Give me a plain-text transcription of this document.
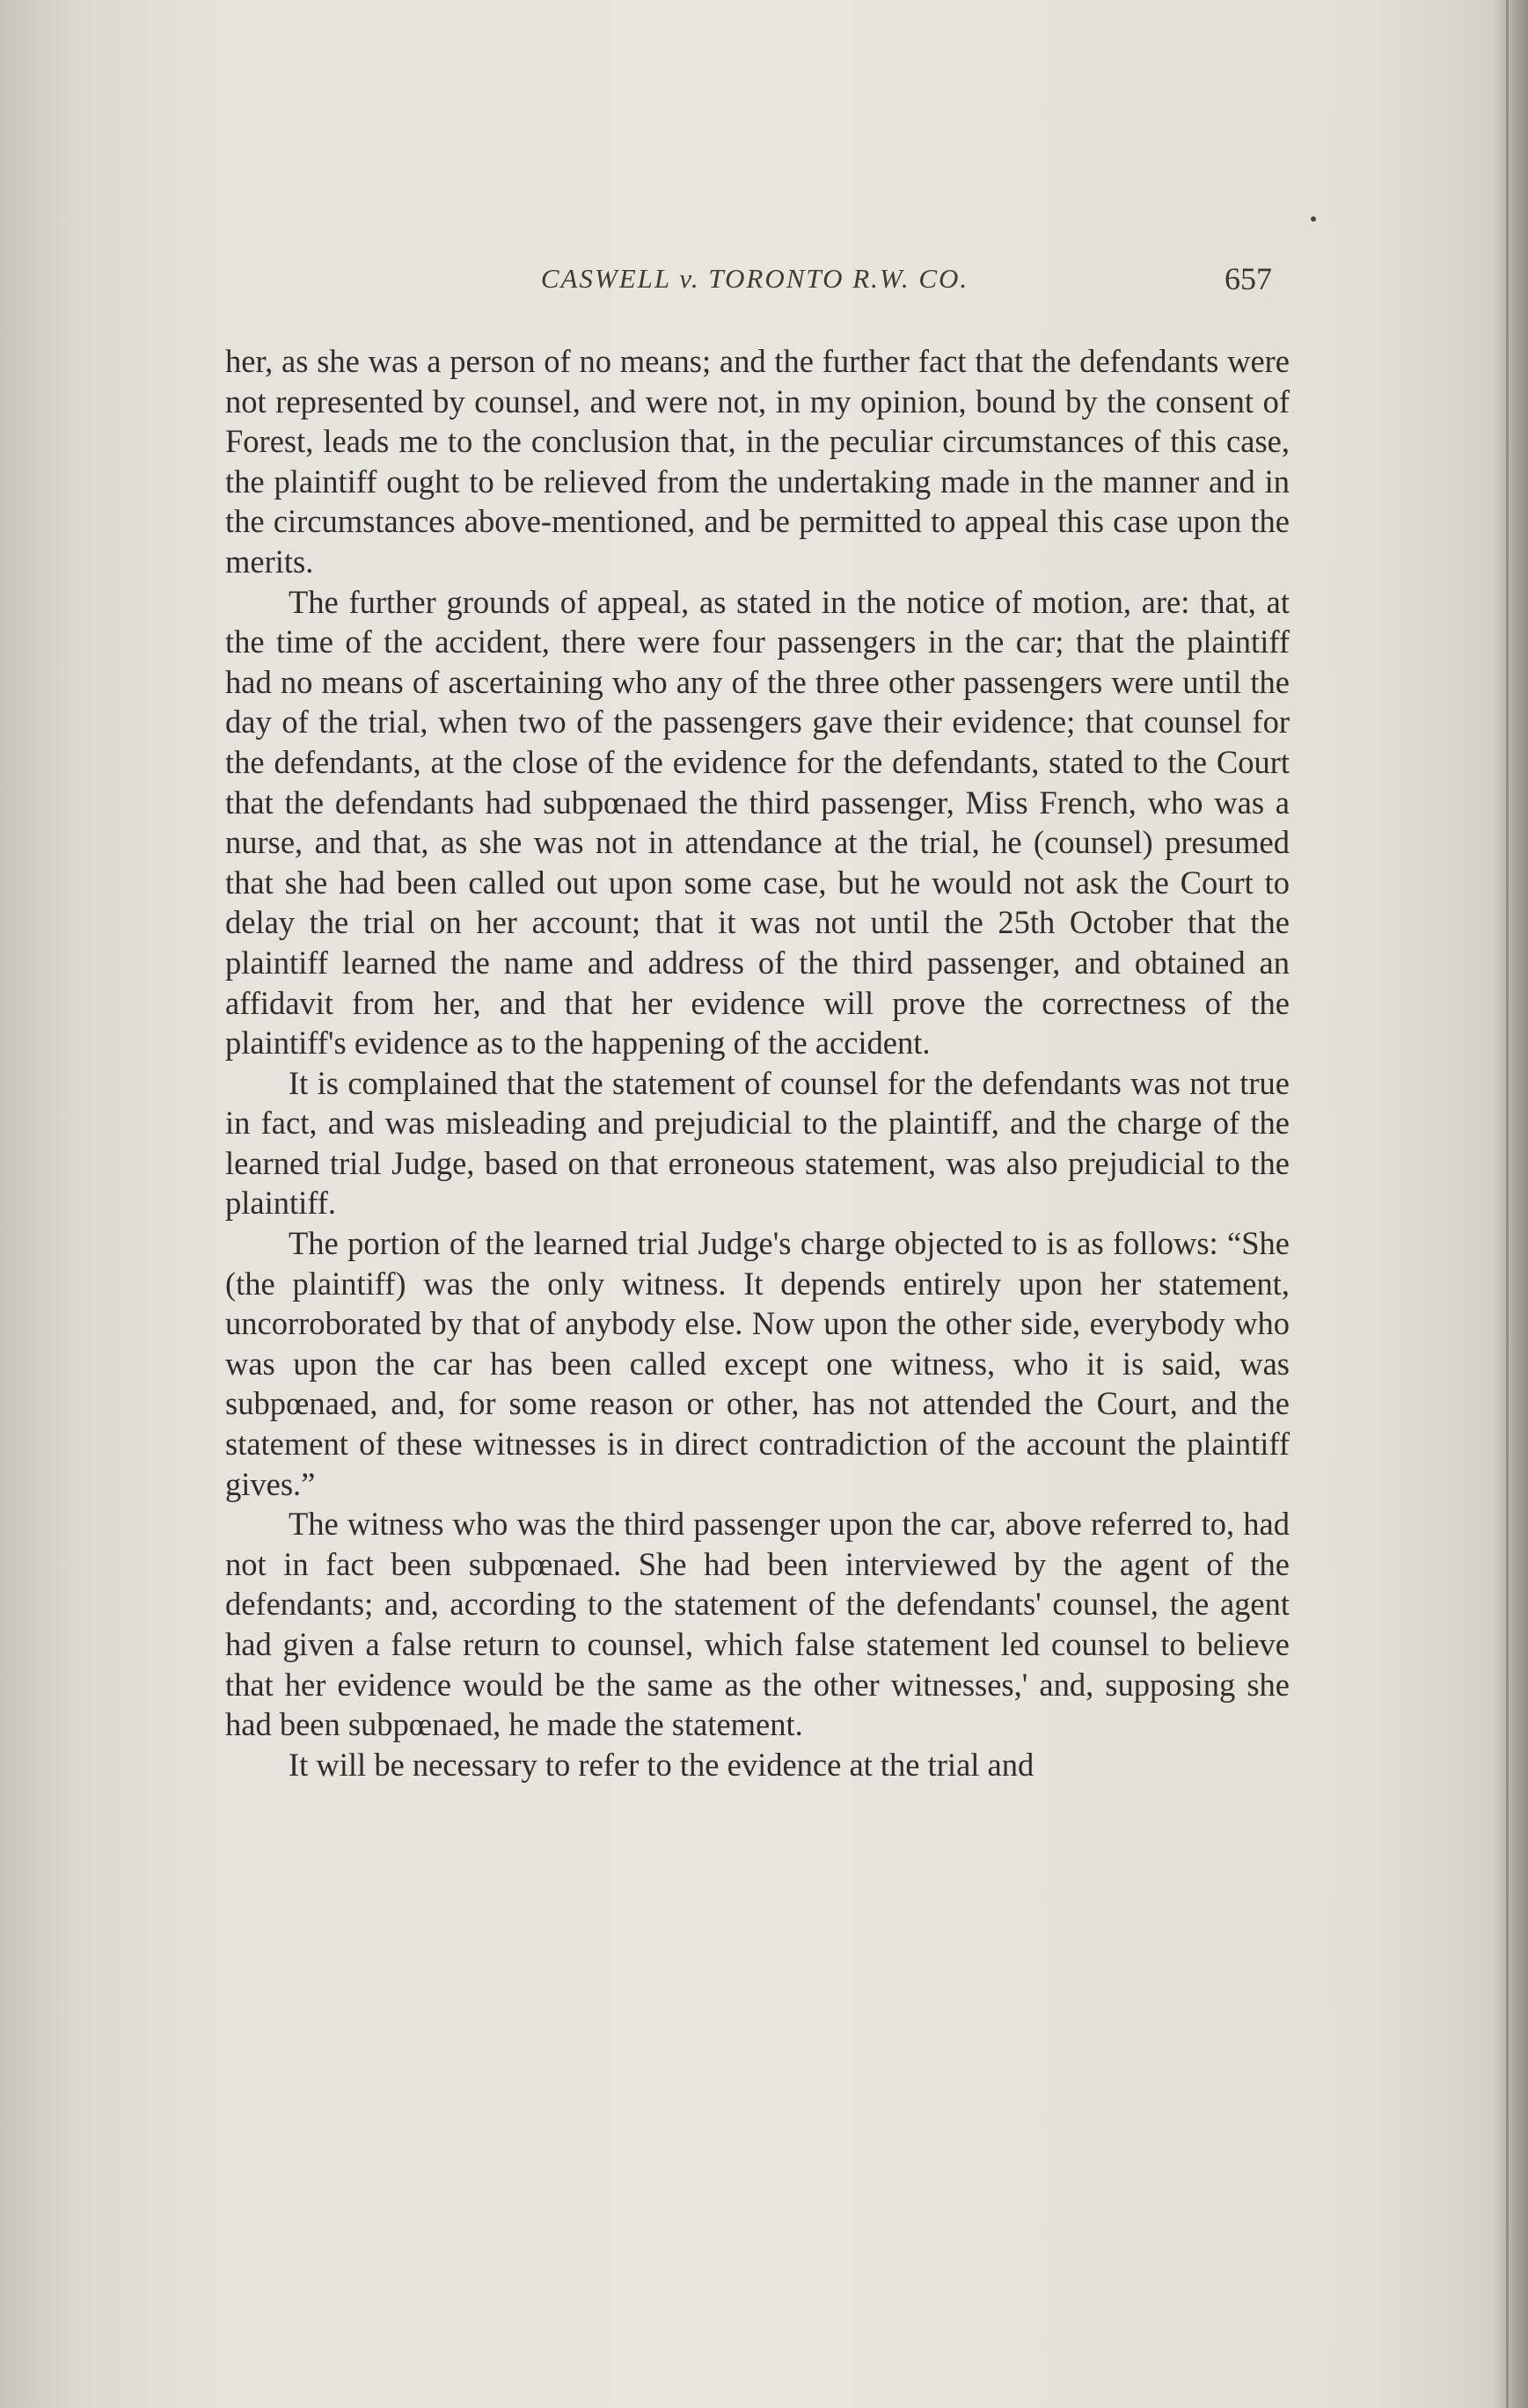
CASWELL v. TORONTO R.W. CO.	657

her, as she was a person of no means; and the further fact that the defendants were not represented by counsel, and were not, in my opinion, bound by the consent of Forest, leads me to the conclusion that, in the peculiar circumstances of this case, the plaintiff ought to be relieved from the undertaking made in the manner and in the circumstances above-mentioned, and be permitted to appeal this case upon the merits.

The further grounds of appeal, as stated in the notice of motion, are: that, at the time of the accident, there were four passengers in the car; that the plaintiff had no means of ascertaining who any of the three other passengers were until the day of the trial, when two of the passengers gave their evidence; that counsel for the defendants, at the close of the evidence for the defendants, stated to the Court that the defendants had subpœnaed the third passenger, Miss French, who was a nurse, and that, as she was not in attendance at the trial, he (counsel) presumed that she had been called out upon some case, but he would not ask the Court to delay the trial on her account; that it was not until the 25th October that the plaintiff learned the name and address of the third passenger, and obtained an affidavit from her, and that her evidence will prove the correctness of the plaintiff's evidence as to the happening of the accident.

It is complained that the statement of counsel for the defendants was not true in fact, and was misleading and prejudicial to the plaintiff, and the charge of the learned trial Judge, based on that erroneous statement, was also prejudicial to the plaintiff.

The portion of the learned trial Judge's charge objected to is as follows: “She (the plaintiff) was the only witness. It depends entirely upon her statement, uncorroborated by that of anybody else. Now upon the other side, everybody who was upon the car has been called except one witness, who it is said, was subpœnaed, and, for some reason or other, has not attended the Court, and the statement of these witnesses is in direct contradiction of the account the plaintiff gives.”

The witness who was the third passenger upon the car, above referred to, had not in fact been subpœnaed. She had been interviewed by the agent of the defendants; and, according to the statement of the defendants' counsel, the agent had given a false return to counsel, which false statement led counsel to believe that her evidence would be the same as the other witnesses,' and, supposing she had been subpœnaed, he made the statement.

It will be necessary to refer to the evidence at the trial and
